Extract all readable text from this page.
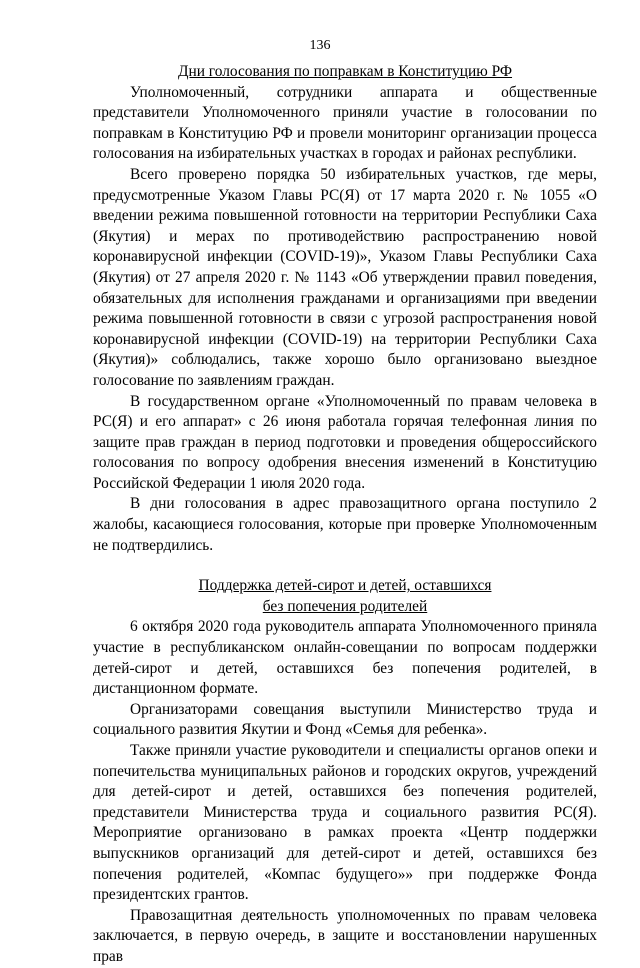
136

Дни голосования по поправкам в Конституцию РФ

Уполномоченный, сотрудники аппарата и общественные представители Уполномоченного приняли участие в голосовании по поправкам в Конституцию РФ и провели мониторинг организации процесса голосования на избирательных участках в городах и районах республики.

Всего проверено порядка 50 избирательных участков, где меры, предусмотренные Указом Главы РС(Я) от 17 марта 2020 г. № 1055 «О введении режима повышенной готовности на территории Республики Саха (Якутия) и мерах по противодействию распространению новой коронавирусной инфекции (COVID-19)», Указом Главы Республики Саха (Якутия) от 27 апреля 2020 г. № 1143 «Об утверждении правил поведения, обязательных для исполнения гражданами и организациями при введении режима повышенной готовности в связи с угрозой распространения новой коронавирусной инфекции (COVID-19) на территории Республики Саха (Якутия)» соблюдались, также хорошо было организовано выездное голосование по заявлениям граждан.

В государственном органе «Уполномоченный по правам человека в РС(Я) и его аппарат» с 26 июня работала горячая телефонная линия по защите прав граждан в период подготовки и проведения общероссийского голосования по вопросу одобрения внесения изменений в Конституцию Российской Федерации 1 июля 2020 года.

В дни голосования в адрес правозащитного органа поступило 2 жалобы, касающиеся голосования, которые при проверке Уполномоченным не подтвердились.

Поддержка детей-сирот и детей, оставшихся
без попечения родителей

6 октября 2020 года руководитель аппарата Уполномоченного приняла участие в республиканском онлайн-совещании по вопросам поддержки детей-сирот и детей, оставшихся без попечения родителей, в дистанционном формате.

Организаторами совещания выступили Министерство труда и социального развития Якутии и Фонд «Семья для ребенка».

Также приняли участие руководители и специалисты органов опеки и попечительства муниципальных районов и городских округов, учреждений для детей-сирот и детей, оставшихся без попечения родителей, представители Министерства труда и социального развития РС(Я). Мероприятие организовано в рамках проекта «Центр поддержки выпускников организаций для детей-сирот и детей, оставшихся без попечения родителей, «Компас будущего»» при поддержке Фонда президентских грантов.

Правозащитная деятельность уполномоченных по правам человека заключается, в первую очередь, в защите и восстановлении нарушенных прав
